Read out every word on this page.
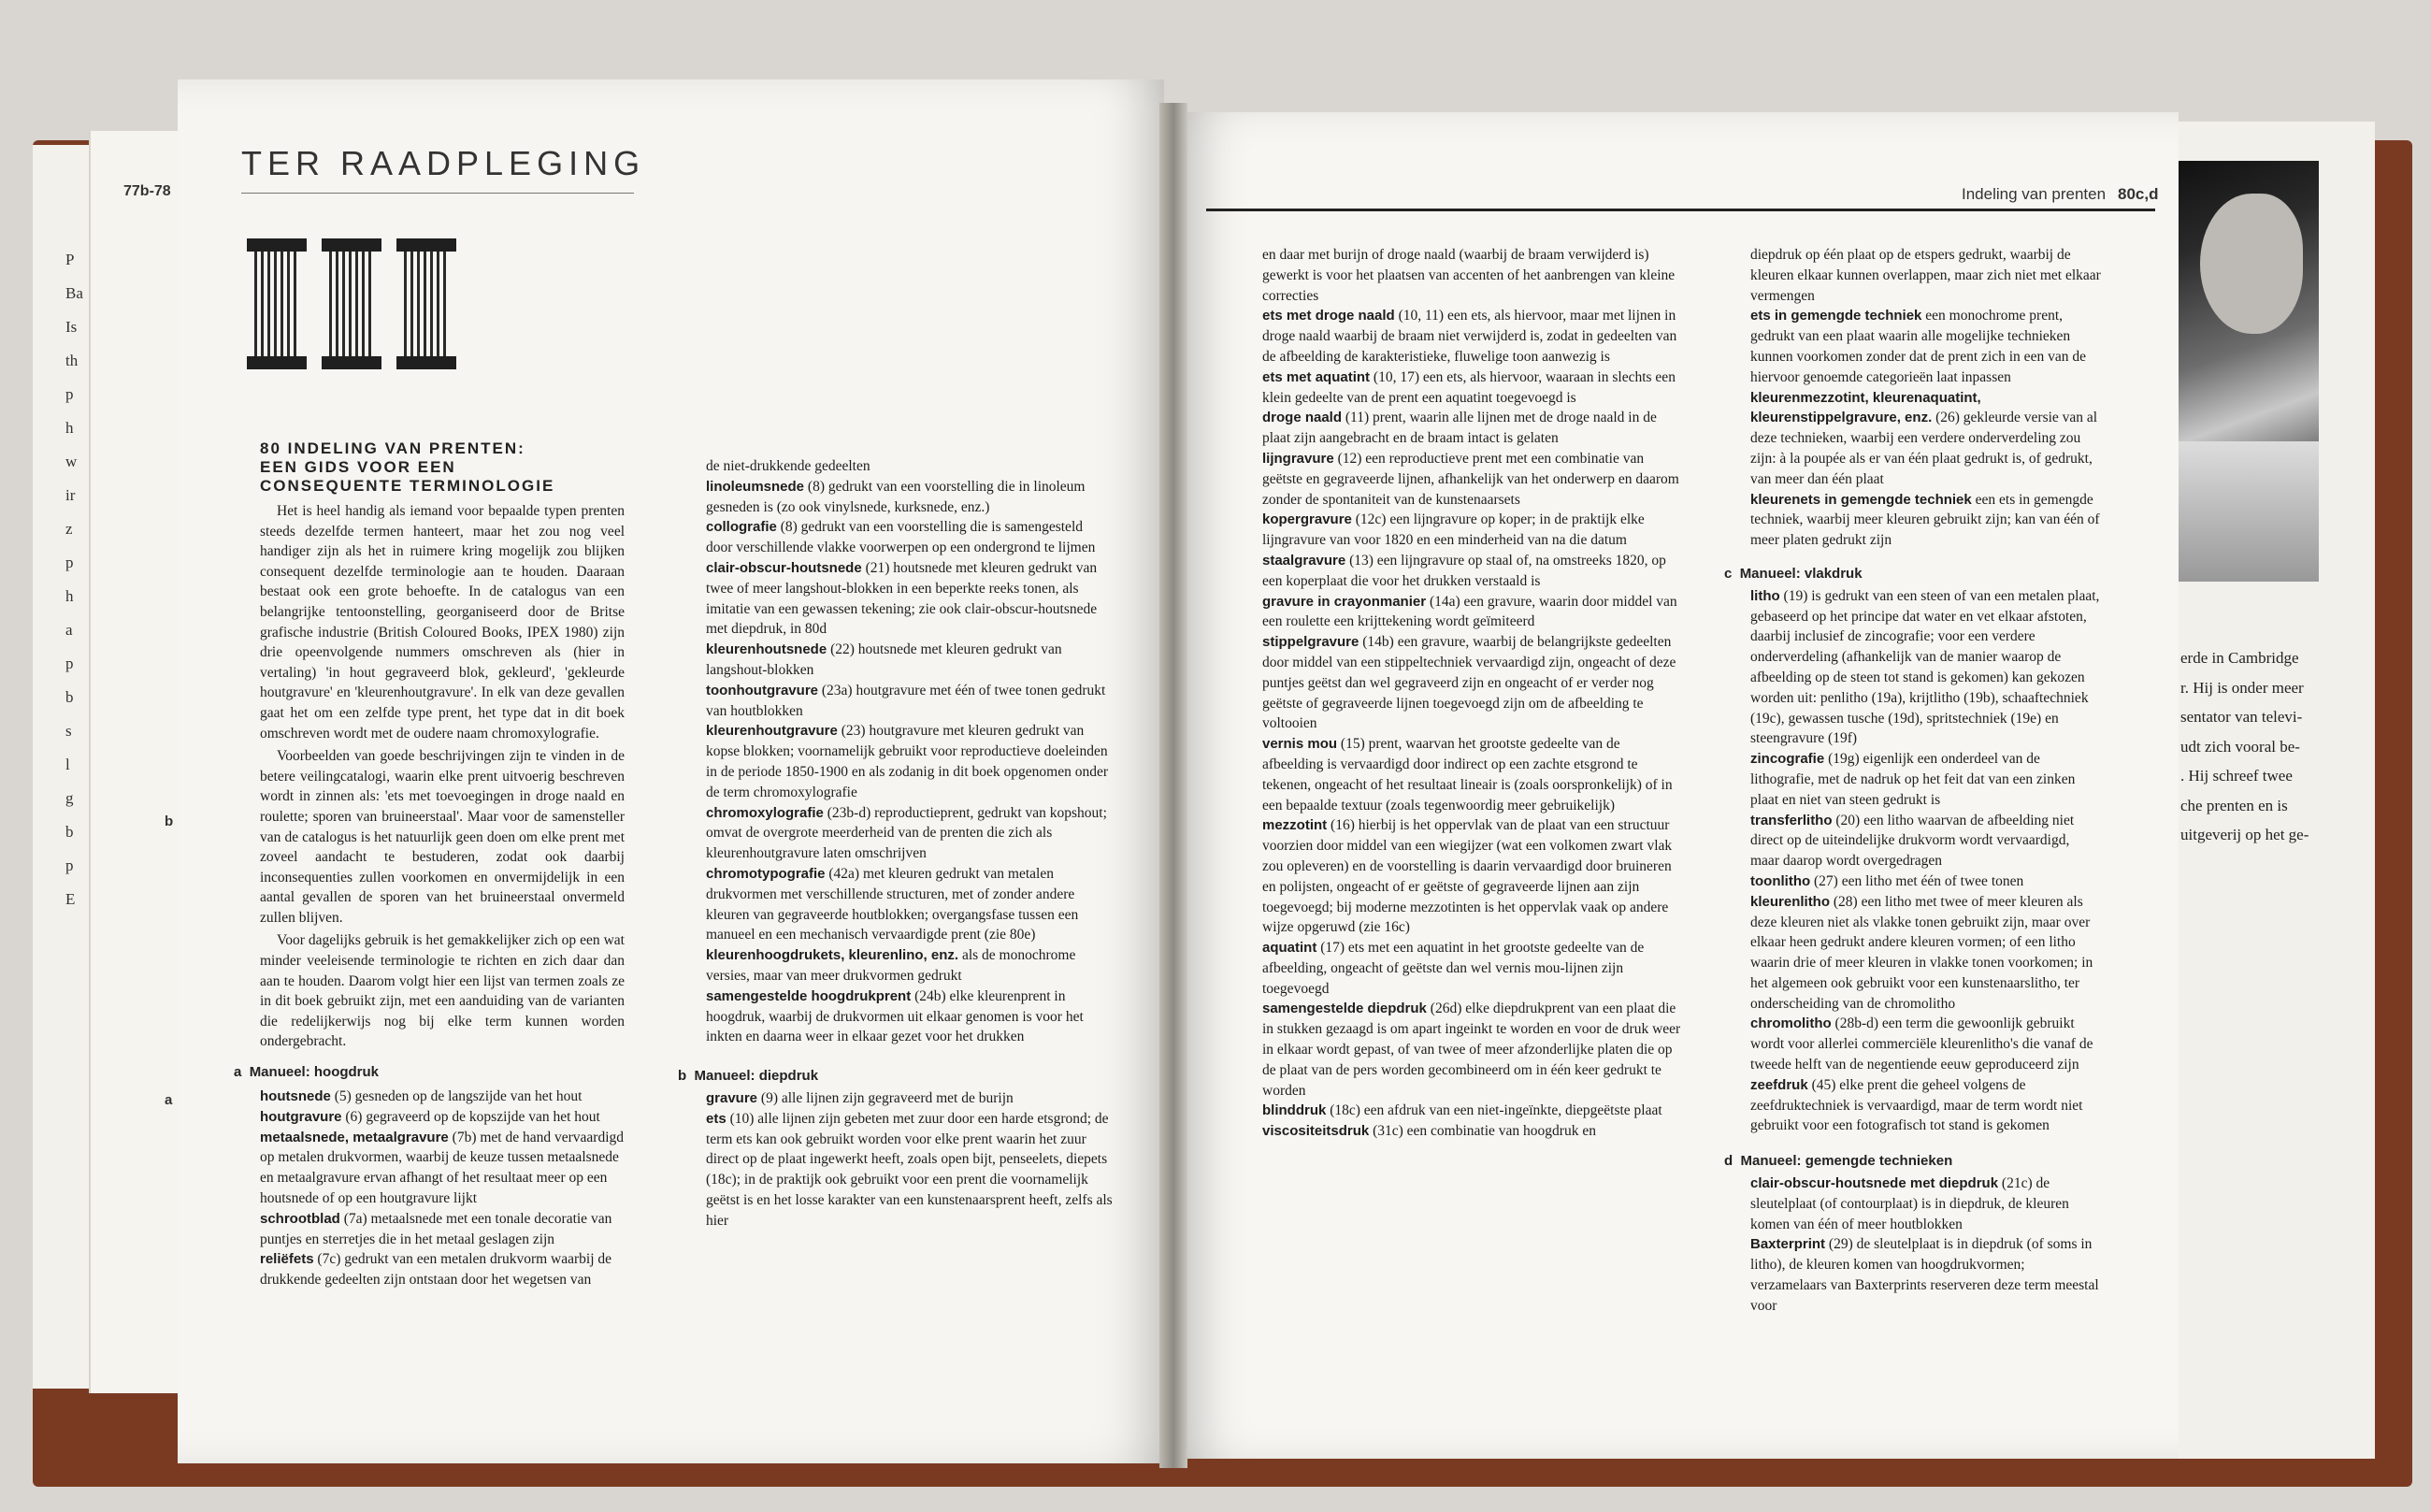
P
Ba
Is
th
p
h
w
ir
z
p
h
a
p
b
s
l
g
b
p
E
erde in Cambridge
r. Hij is onder meer
sentator van televi-
udt zich vooral be-
. Hij schreef twee
che prenten en is
uitgeverij op het ge-
77b-78
TER RAADPLEGING
80 INDELING VAN PRENTEN:
EEN GIDS VOOR EEN
CONSEQUENTE TERMINOLOGIE

Het is heel handig als iemand voor bepaalde typen prenten steeds dezelfde termen hanteert, maar het zou nog veel handiger zijn als het in ruimere kring mogelijk zou blijken consequent dezelfde terminologie aan te houden. Daaraan bestaat ook een grote behoefte. In de catalogus van een belangrijke tentoonstelling, georganiseerd door de Britse grafische industrie (British Coloured Books, IPEX 1980) zijn drie opeenvolgende nummers omschreven als (hier in vertaling) 'in hout gegraveerd blok, gekleurd', 'gekleurde houtgravure' en 'kleurenhoutgravure'. In elk van deze gevallen gaat het om een zelfde type prent, het type dat in dit boek omschreven wordt met de oudere naam chromoxylografie.

Voorbeelden van goede beschrijvingen zijn te vinden in de betere veilingcatalogi, waarin elke prent uitvoerig beschreven wordt in zinnen als: 'ets met toevoegingen in droge naald en roulette; sporen van bruineerstaal'. Maar voor de samensteller van de catalogus is het natuurlijk geen doen om elke prent met zoveel aandacht te bestuderen, zodat ook daarbij inconsequenties zullen voorkomen en onvermijdelijk in een aantal gevallen de sporen van het bruineerstaal onvermeld zullen blijven.

Voor dagelijks gebruik is het gemakkelijker zich op een wat minder veeleisende terminologie te richten en zich daar dan aan te houden. Daarom volgt hier een lijst van termen zoals ze in dit boek gebruikt zijn, met een aanduiding van de varianten die redelijkerwijs nog bij elke term kunnen worden ondergebracht.

b
a
a Manueel: hoogdruk
houtsnede (5) gesneden op de langszijde van het hout
houtgravure (6) gegraveerd op de kopszijde van het hout
metaalsnede, metaalgravure (7b) met de hand vervaardigd op metalen drukvormen, waarbij de keuze tussen metaalsnede en metaalgravure ervan afhangt of het resultaat meer op een houtsnede of op een houtgravure lijkt
schrootblad (7a) metaalsnede met een tonale decoratie van puntjes en sterretjes die in het metaal geslagen zijn
reliëfets (7c) gedrukt van een metalen drukvorm waarbij de drukkende gedeelten zijn ontstaan door het wegetsen van
de niet-drukkende gedeelten
linoleumsnede (8) gedrukt van een voorstelling die in linoleum gesneden is (zo ook vinylsnede, kurksnede, enz.)
collografie (8) gedrukt van een voorstelling die is samengesteld door verschillende vlakke voorwerpen op een ondergrond te lijmen
clair-obscur-houtsnede (21) houtsnede met kleuren gedrukt van twee of meer langshout-blokken in een beperkte reeks tonen, als imitatie van een gewassen tekening; zie ook clair-obscur-houtsnede met diepdruk, in 80d
kleurenhoutsnede (22) houtsnede met kleuren gedrukt van langshout-blokken
toonhoutgravure (23a) houtgravure met één of twee tonen gedrukt van houtblokken
kleurenhoutgravure (23) houtgravure met kleuren gedrukt van kopse blokken; voornamelijk gebruikt voor reproductieve doeleinden in de periode 1850-1900 en als zodanig in dit boek opgenomen onder de term chromoxylografie
chromoxylografie (23b-d) reproductieprent, gedrukt van kopshout; omvat de overgrote meerderheid van de prenten die zich als kleurenhoutgravure laten omschrijven
chromotypografie (42a) met kleuren gedrukt van metalen drukvormen met verschillende structuren, met of zonder andere kleuren van gegraveerde houtblokken; overgangsfase tussen een manueel en een mechanisch vervaardigde prent (zie 80e)
kleurenhoogdrukets, kleurenlino, enz. als de monochrome versies, maar van meer drukvormen gedrukt
samengestelde hoogdrukprent (24b) elke kleurenprent in hoogdruk, waarbij de drukvormen uit elkaar genomen is voor het inkten en daarna weer in elkaar gezet voor het drukken
b Manueel: diepdruk
gravure (9) alle lijnen zijn gegraveerd met de burijn
ets (10) alle lijnen zijn gebeten met zuur door een harde etsgrond; de term ets kan ook gebruikt worden voor elke prent waarin het zuur direct op de plaat ingewerkt heeft, zoals open bijt, penseelets, diepets (18c); in de praktijk ook gebruikt voor een prent die voornamelijk geëtst is en het losse karakter van een kunstenaarsprent heeft, zelfs als hier
Indeling van prenten 80c,d
en daar met burijn of droge naald (waarbij de braam verwijderd is) gewerkt is voor het plaatsen van accenten of het aanbrengen van kleine correcties
ets met droge naald (10, 11) een ets, als hiervoor, maar met lijnen in droge naald waarbij de braam niet verwijderd is, zodat in gedeelten van de afbeelding de karakteristieke, fluwelige toon aanwezig is
ets met aquatint (10, 17) een ets, als hiervoor, waaraan in slechts een klein gedeelte van de prent een aquatint toegevoegd is
droge naald (11) prent, waarin alle lijnen met de droge naald in de plaat zijn aangebracht en de braam intact is gelaten
lijngravure (12) een reproductieve prent met een combinatie van geëtste en gegraveerde lijnen, afhankelijk van het onderwerp en daarom zonder de spontaniteit van de kunstenaarsets
kopergravure (12c) een lijngravure op koper; in de praktijk elke lijngravure van voor 1820 en een minderheid van na die datum
staalgravure (13) een lijngravure op staal of, na omstreeks 1820, op een koperplaat die voor het drukken verstaald is
gravure in crayonmanier (14a) een gravure, waarin door middel van een roulette een krijttekening wordt geïmiteerd
stippelgravure (14b) een gravure, waarbij de belangrijkste gedeelten door middel van een stippeltechniek vervaardigd zijn, ongeacht of deze puntjes geëtst dan wel gegraveerd zijn en ongeacht of er verder nog geëtste of gegraveerde lijnen toegevoegd zijn om de afbeelding te voltooien
vernis mou (15) prent, waarvan het grootste gedeelte van de afbeelding is vervaardigd door indirect op een zachte etsgrond te tekenen, ongeacht of het resultaat lineair is (zoals oorspronkelijk) of in een bepaalde textuur (zoals tegenwoordig meer gebruikelijk)
mezzotint (16) hierbij is het oppervlak van de plaat van een structuur voorzien door middel van een wiegijzer (wat een volkomen zwart vlak zou opleveren) en de voorstelling is daarin vervaardigd door bruineren en polijsten, ongeacht of er geëtste of gegraveerde lijnen aan zijn toegevoegd; bij moderne mezzotinten is het oppervlak vaak op andere wijze opgeruwd (zie 16c)
aquatint (17) ets met een aquatint in het grootste gedeelte van de afbeelding, ongeacht of geëtste dan wel vernis mou-lijnen zijn toegevoegd
samengestelde diepdruk (26d) elke diepdrukprent van een plaat die in stukken gezaagd is om apart ingeinkt te worden en voor de druk weer in elkaar wordt gepast, of van twee of meer afzonderlijke platen die op de plaat van de pers worden gecombineerd om in één keer gedrukt te worden
blinddruk (18c) een afdruk van een niet-ingeïnkte, diepgeëtste plaat
viscositeitsdruk (31c) een combinatie van hoogdruk en
diepdruk op één plaat op de etspers gedrukt, waarbij de kleuren elkaar kunnen overlappen, maar zich niet met elkaar vermengen
ets in gemengde techniek een monochrome prent, gedrukt van een plaat waarin alle mogelijke technieken kunnen voorkomen zonder dat de prent zich in een van de hiervoor genoemde categorieën laat inpassen
kleurenmezzotint, kleurenaquatint, kleurenstippelgravure, enz. (26) gekleurde versie van al deze technieken, waarbij een verdere onderverdeling zou zijn: à la poupée als er van één plaat gedrukt is, of gedrukt, van meer dan één plaat
kleurenets in gemengde techniek een ets in gemengde techniek, waarbij meer kleuren gebruikt zijn; kan van één of meer platen gedrukt zijn
c Manueel: vlakdruk
litho (19) is gedrukt van een steen of van een metalen plaat, gebaseerd op het principe dat water en vet elkaar afstoten, daarbij inclusief de zincografie; voor een verdere onderverdeling (afhankelijk van de manier waarop de afbeelding op de steen tot stand is gekomen) kan gekozen worden uit: penlitho (19a), krijtlitho (19b), schaaftechniek (19c), gewassen tusche (19d), spritstechniek (19e) en steengravure (19f)
zincografie (19g) eigenlijk een onderdeel van de lithografie, met de nadruk op het feit dat van een zinken plaat en niet van steen gedrukt is
transferlitho (20) een litho waarvan de afbeelding niet direct op de uiteindelijke drukvorm wordt vervaardigd, maar daarop wordt overgedragen
toonlitho (27) een litho met één of twee tonen
kleurenlitho (28) een litho met twee of meer kleuren als deze kleuren niet als vlakke tonen gebruikt zijn, maar over elkaar heen gedrukt andere kleuren vormen; of een litho waarin drie of meer kleuren in vlakke tonen voorkomen; in het algemeen ook gebruikt voor een kunstenaarslitho, ter onderscheiding van de chromolitho
chromolitho (28b-d) een term die gewoonlijk gebruikt wordt voor allerlei commerciële kleurenlitho's die vanaf de tweede helft van de negentiende eeuw geproduceerd zijn
zeefdruk (45) elke prent die geheel volgens de zeefdruktechniek is vervaardigd, maar de term wordt niet gebruikt voor een fotografisch tot stand is gekomen
d Manueel: gemengde technieken
clair-obscur-houtsnede met diepdruk (21c) de sleutelplaat (of contourplaat) is in diepdruk, de kleuren komen van één of meer houtblokken
Baxterprint (29) de sleutelplaat is in diepdruk (of soms in litho), de kleuren komen van hoogdrukvormen; verzamelaars van Baxterprints reserveren deze term meestal voor
